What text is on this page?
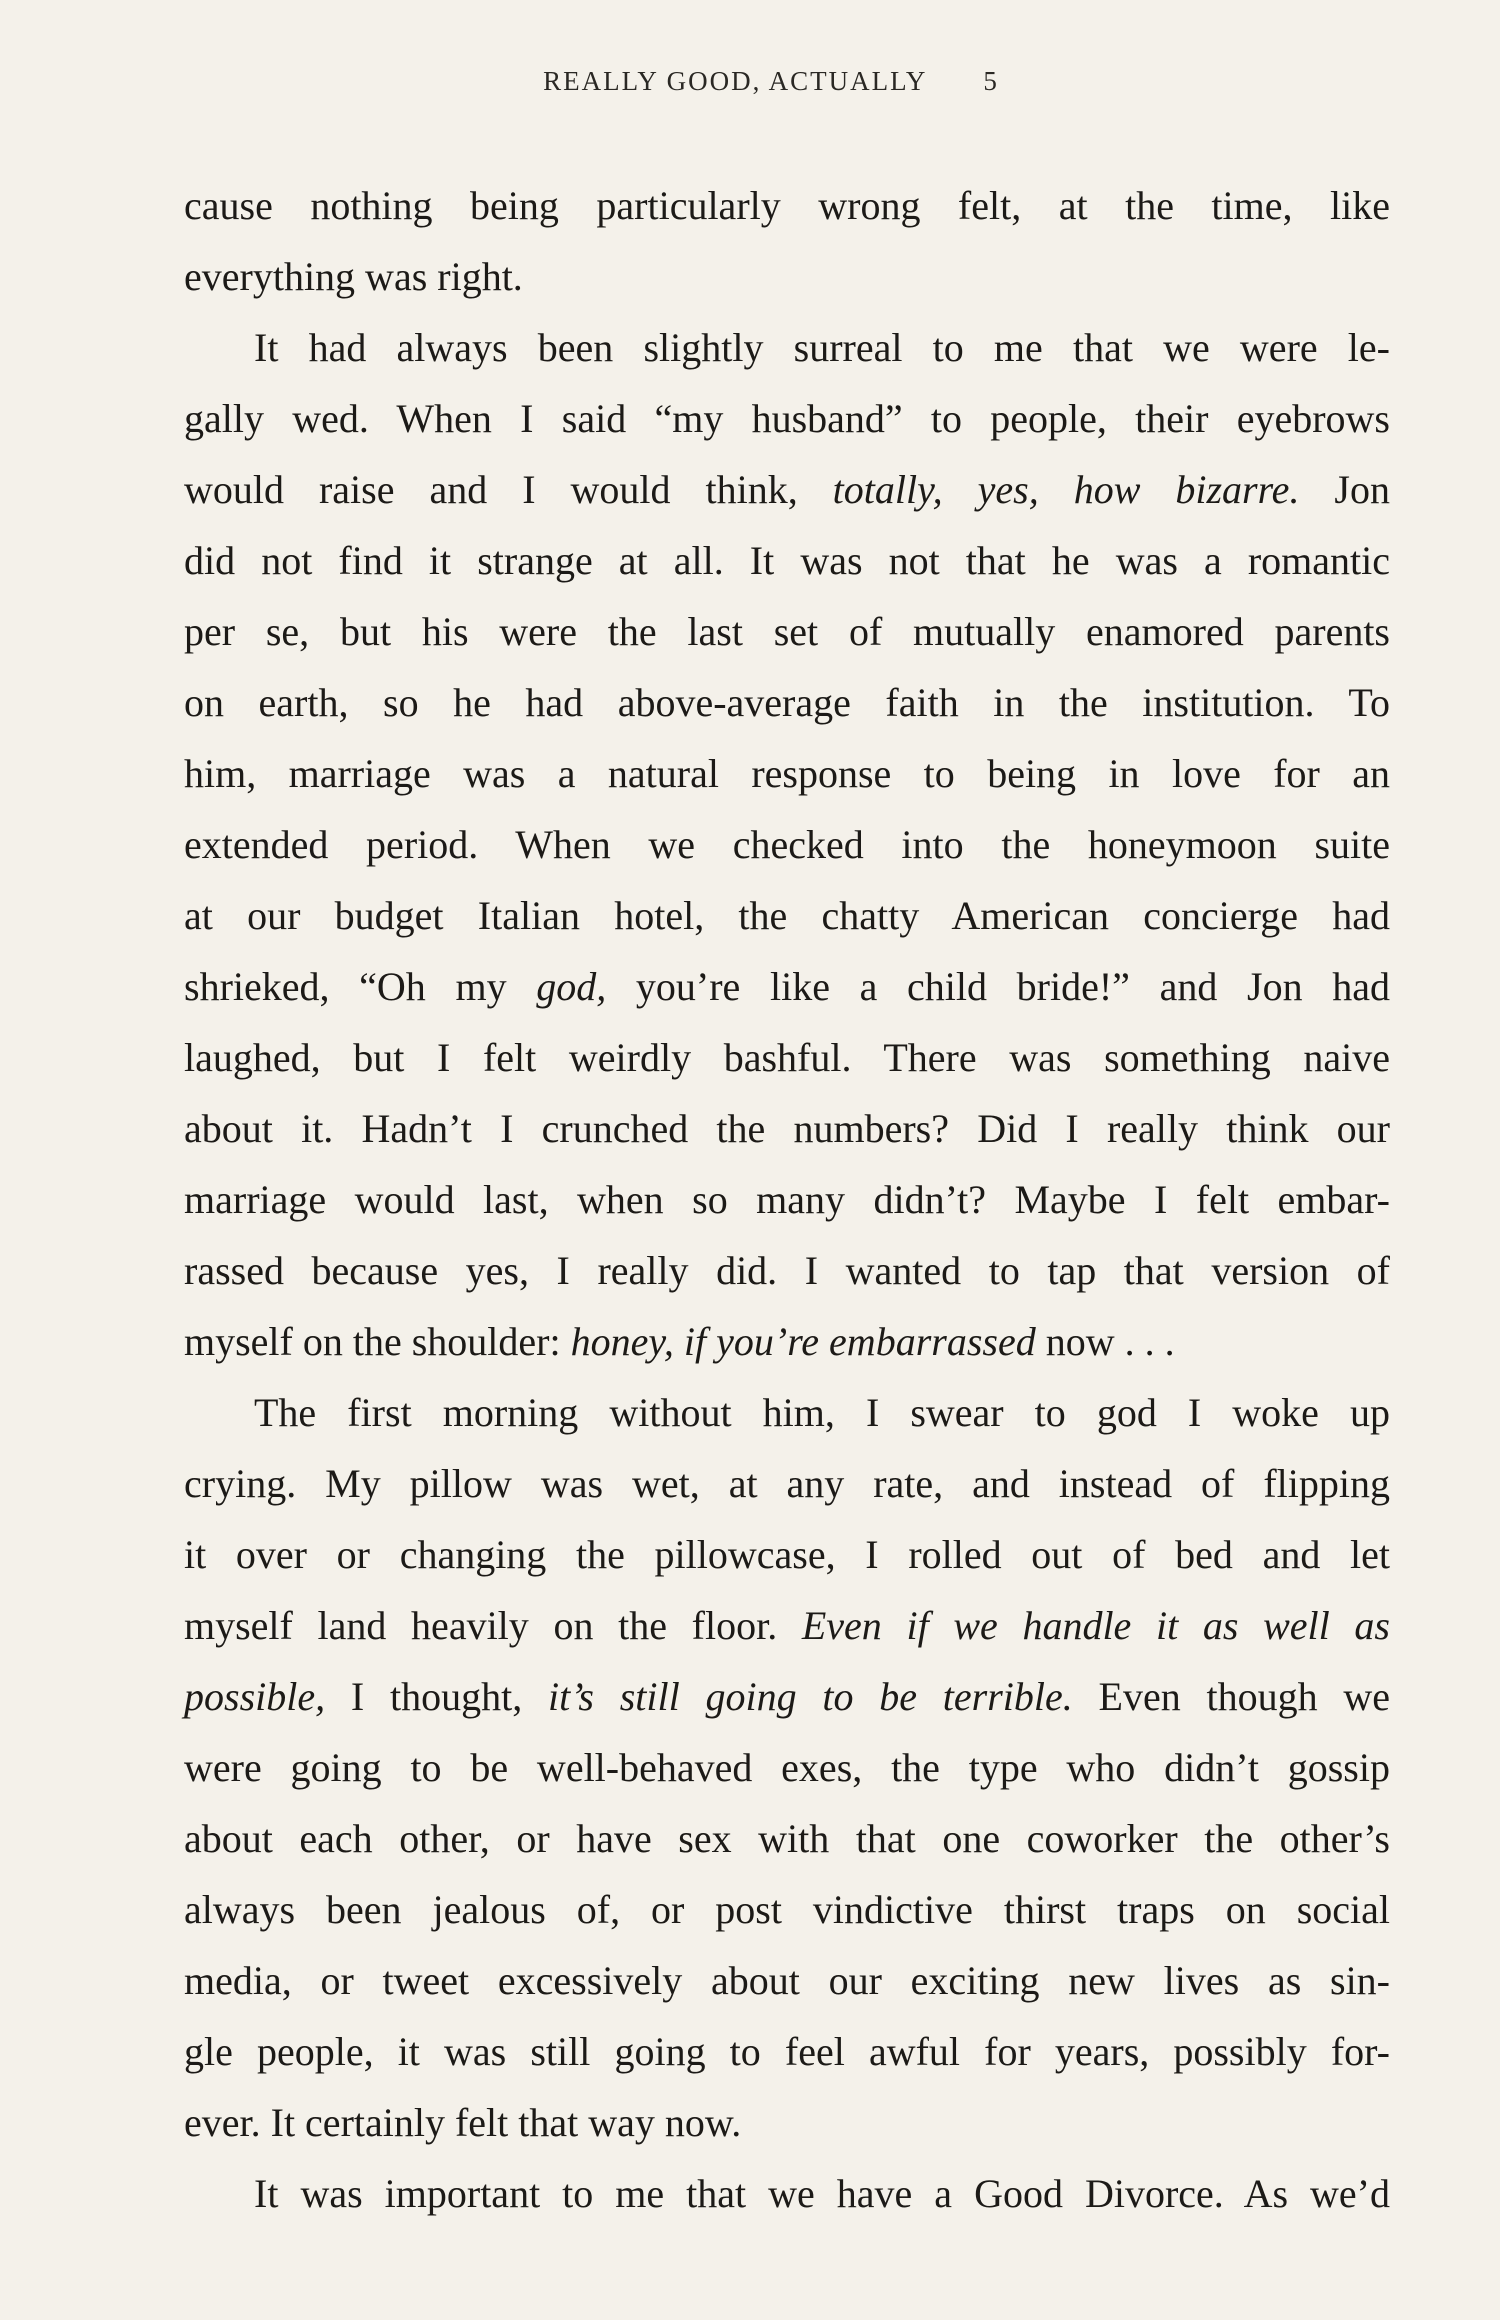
REALLY GOOD, ACTUALLY 5
cause nothing being particularly wrong felt, at the time, like
everything was right.
It had always been slightly surreal to me that we were le-
gally wed. When I said “my husband” to people, their eyebrows
would raise and I would think, totally, yes, how bizarre. Jon
did not find it strange at all. It was not that he was a romantic
per se, but his were the last set of mutually enamored parents
on earth, so he had above-average faith in the institution. To
him, marriage was a natural response to being in love for an
extended period. When we checked into the honeymoon suite
at our budget Italian hotel, the chatty American concierge had
shrieked, “Oh my god, you’re like a child bride!” and Jon had
laughed, but I felt weirdly bashful. There was something naive
about it. Hadn’t I crunched the numbers? Did I really think our
marriage would last, when so many didn’t? Maybe I felt embar-
rassed because yes, I really did. I wanted to tap that version of
myself on the shoulder: honey, if you’re embarrassed now . . .
The first morning without him, I swear to god I woke up
crying. My pillow was wet, at any rate, and instead of flipping
it over or changing the pillowcase, I rolled out of bed and let
myself land heavily on the floor. Even if we handle it as well as
possible, I thought, it’s still going to be terrible. Even though we
were going to be well-behaved exes, the type who didn’t gossip
about each other, or have sex with that one coworker the other’s
always been jealous of, or post vindictive thirst traps on social
media, or tweet excessively about our exciting new lives as sin-
gle people, it was still going to feel awful for years, possibly for-
ever. It certainly felt that way now.
It was important to me that we have a Good Divorce. As we’d
